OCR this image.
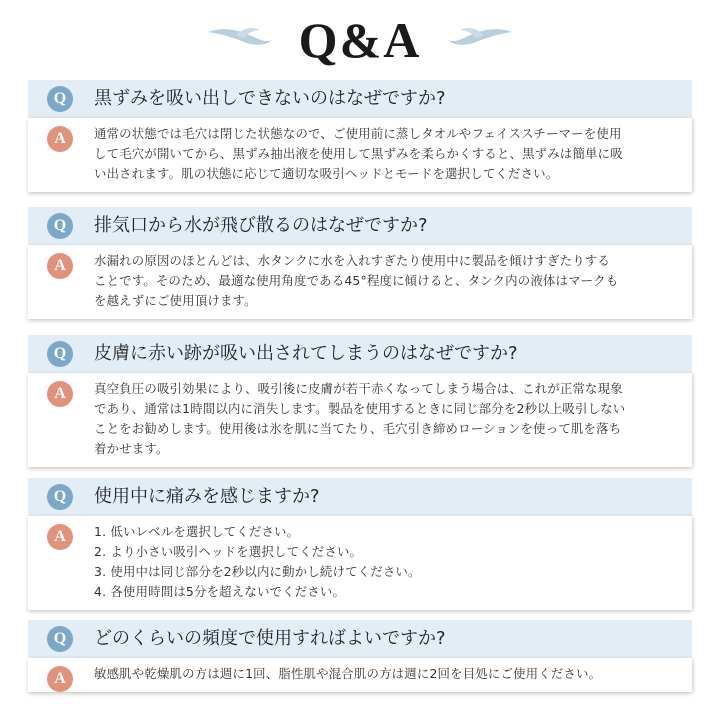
Q&A
Q	黒ずみを吸い出しできないのはなぜですか?
A	通常の状態では毛穴は閉じた状態なので、ご使用前に蒸しタオルやフェイススチーマーを使用
して毛穴が開いてから、黒ずみ抽出液を使用して黒ずみを柔らかくすると、黒ずみは簡単に吸
い出されます。肌の状態に応じて適切な吸引ヘッドとモードを選択してください。
Q	排気口から水が飛び散るのはなぜですか?
A	水漏れの原因のほとんどは、水タンクに水を入れすぎたり使用中に製品を傾けすぎたりする
ことです。そのため、最適な使用角度である45°程度に傾けると、タンク内の液体はマークも
を越えずにご使用頂けます。
Q	皮膚に赤い跡が吸い出されてしまうのはなぜですか?
A	真空負圧の吸引効果により、吸引後に皮膚が若干赤くなってしまう場合は、これが正常な現象
であり、通常は1時間以内に消失します。製品を使用するときに同じ部分を2秒以上吸引しない
ことをお勧めします。使用後は氷を肌に当てたり、毛穴引き締めローションを使って肌を落ち
着かせます。
Q	使用中に痛みを感じますか?
A	1. 低いレベルを選択してください。
2. より小さい吸引ヘッドを選択してください。
3. 使用中は同じ部分を2秒以内に動かし続けてください。
4. 各使用時間は5分を超えないでください。
Q	どのくらいの頻度で使用すればよいですか?
A	敏感肌や乾燥肌の方は週に1回、脂性肌や混合肌の方は週に2回を目処にご使用ください。
